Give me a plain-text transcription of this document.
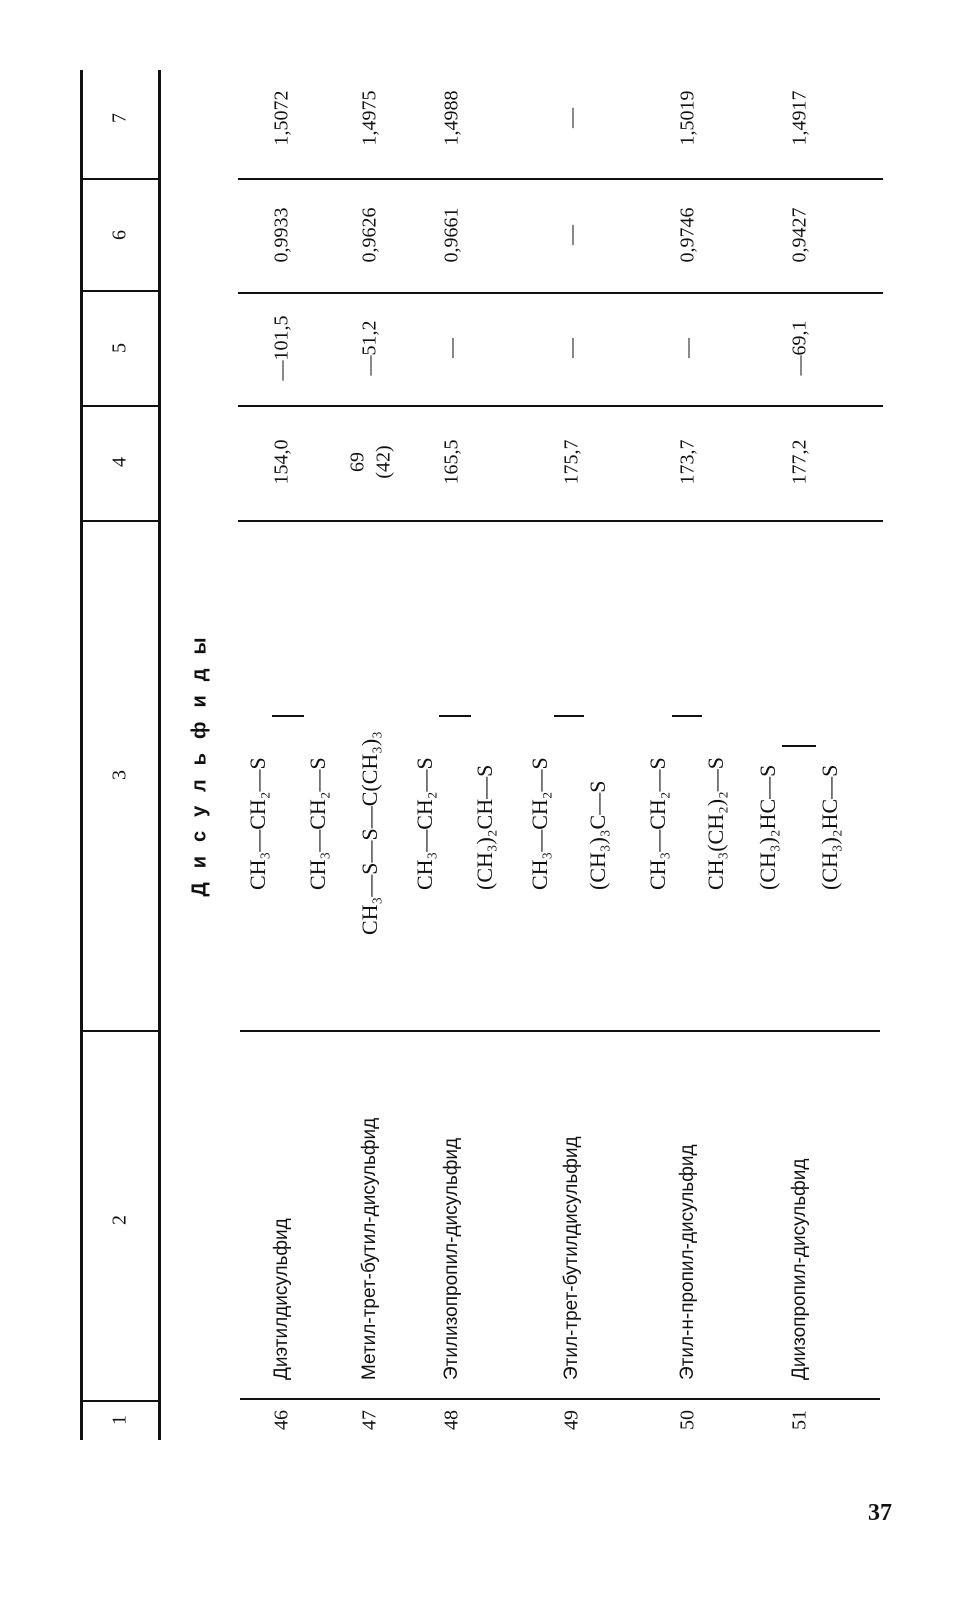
37
1
2
3
4
5
6
7
Дисульфиды
46
Диэтилдисульфид
CH₃—CH₂—S CH₃—CH₂—S
154,0
—101,5
0,9933
1,5072
47
Метил-трет-бутил-дисульфид
CH₃—S—S—C(CH₃)₃
69 (42)
—51,2
0,9626
1,4975
48
Этилизопропил-дисульфид
CH₃—CH₂—S (CH₃)₂CH—S
165,5
—
0,9661
1,4988
49
Этил-трет-бутилдисульфид
CH₃—CH₂—S (CH₃)₃C—S
175,7
—
—
—
50
Этил-н-пропил-дисульфид
CH₃—CH₂—S CH₃(CH₂)₂—S
173,7
—
0,9746
1,5019
51
Диизопропил-дисульфид
(CH₃)₂HC—S (CH₃)₂HC—S
177,2
—69,1
0,9427
1,4917
